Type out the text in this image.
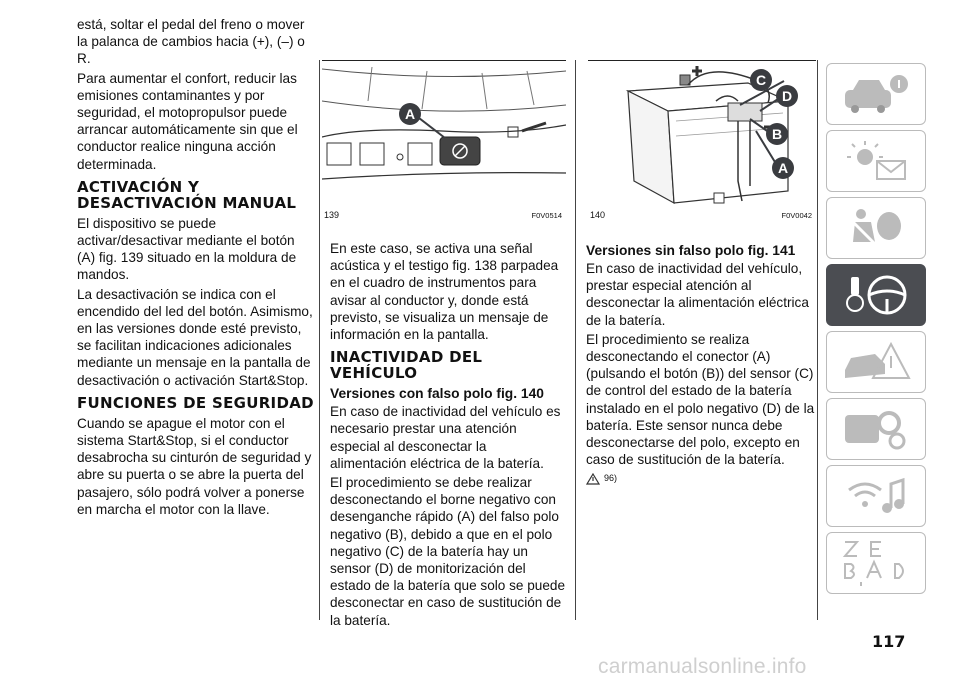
está, soltar el pedal del freno o mover la palanca de cambios hacia (+), (–) o R.

Para aumentar el confort, reducir las emisiones contaminantes y por seguridad, el motopropulsor puede arrancar automáticamente sin que el conductor realice ninguna acción determinada.

ACTIVACIÓN Y DESACTIVACIÓN MANUAL

El dispositivo se puede activar/desactivar mediante el botón (A) fig. 139 situado en la moldura de mandos.

La desactivación se indica con el encendido del led del botón. Asimismo, en las versiones donde esté previsto, se facilitan indicaciones adicionales mediante un mensaje en la pantalla de desactivación o activación Start&Stop.

FUNCIONES DE SEGURIDAD

Cuando se apague el motor con el sistema Start&Stop, si el conductor desabrocha su cinturón de seguridad y abre su puerta o se abre la puerta del pasajero, sólo podrá volver a ponerse en marcha el motor con la llave.

A
139	F0V0514

En este caso, se activa una señal acústica y el testigo fig. 138 parpadea en el cuadro de instrumentos para avisar al conductor y, donde está previsto, se visualiza un mensaje de información en la pantalla.

INACTIVIDAD DEL VEHÍCULO
Versiones con falso polo fig. 140

En caso de inactividad del vehículo es necesario prestar una atención especial al desconectar la alimentación eléctrica de la batería.

El procedimiento se debe realizar desconectando el borne negativo con desenganche rápido (A) del falso polo negativo (B), debido a que en el polo negativo (C) de la batería hay un sensor (D) de monitorización del estado de la batería que solo se puede desconectar en caso de sustitución de la batería.

C
D
B
A
140	F0V0042
Versiones sin falso polo fig. 141

En caso de inactividad del vehículo, prestar especial atención al desconectar la alimentación eléctrica de la batería.

El procedimiento se realiza desconectando el conector (A) (pulsando el botón (B)) del sensor (C) de control del estado de la batería instalado en el polo negativo (D) de la batería. Este sensor nunca debe desconectarse del polo, excepto en caso de sustitución de la batería.

96)
117
carmanualsonline.info
